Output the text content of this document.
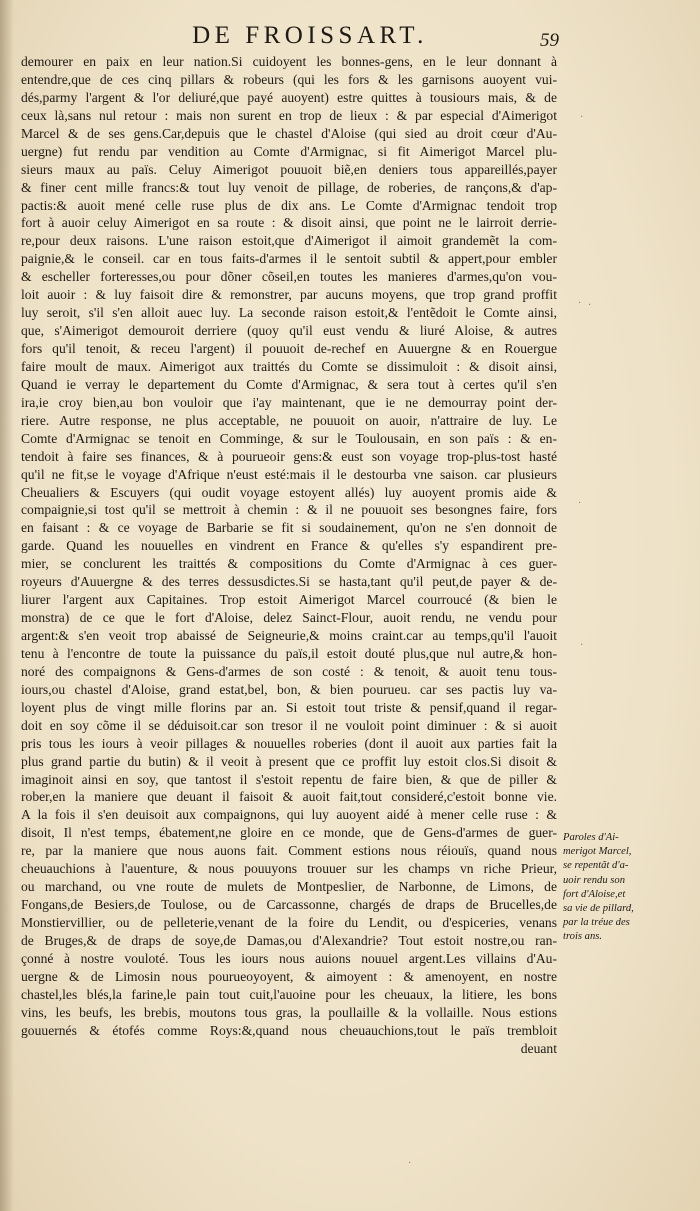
DE FROISSART.	59
demourer en paix en leur nation.Si cuidoyent les bonnes-gens, en le leur donnant à
entendre,que de ces cinq pillars & robeurs (qui les fors & les garnisons auoyent vui-
dés,parmy l'argent & l'or deliuré,que payé auoyent) estre quittes à tousiours mais, & de
ceux là,sans nul retour : mais non surent en trop de lieux : & par especial d'Aimerigot
Marcel & de ses gens.Car,depuis que le chastel d'Aloise (qui sied au droit cœur d'Au-
uergne) fut rendu par vendition au Comte d'Armignac, si fit Aimerigot Marcel plu-
sieurs maux au païs. Celuy Aimerigot pouuoit biẽ,en deniers tous appareillés,payer
& finer cent mille francs:& tout luy venoit de pillage, de roberies, de rançons,& d'ap-
pactis:& auoit mené celle ruse plus de dix ans. Le Comte d'Armignac tendoit trop
fort à auoir celuy Aimerigot en sa route : & disoit ainsi, que point ne le lairroit derrie-
re,pour deux raisons. L'une raison estoit,que d'Aimerigot il aimoit grandemẽt la com-
paignie,& le conseil. car en tous faits-d'armes il le sentoit subtil & appert,pour embler
& escheller forteresses,ou pour dõner cõseil,en toutes les manieres d'armes,qu'on vou-
loit auoir : & luy faisoit dire & remonstrer, par aucuns moyens, que trop grand proffit
luy seroit, s'il s'en alloit auec luy. La seconde raison estoit,& l'entẽdoit le Comte ainsi,
que, s'Aimerigot demouroit derriere (quoy qu'il eust vendu & liuré Aloise, & autres
fors qu'il tenoit, & receu l'argent) il pouuoit de-rechef en Auuergne & en Rouergue
faire moult de maux. Aimerigot aux traittés du Comte se dissimuloit : & disoit ainsi,
Quand ie verray le departement du Comte d'Armignac, & sera tout à certes qu'il s'en
ira,ie croy bien,au bon vouloir que i'ay maintenant, que ie ne demourray point der-
riere. Autre response, ne plus acceptable, ne pouuoit on auoir, n'attraire de luy. Le
Comte d'Armignac se tenoit en Comminge, & sur le Toulousain, en son païs : & en-
tendoit à faire ses finances, & à pourueoir gens:& eust son voyage trop-plus-tost hasté
qu'il ne fit,se le voyage d'Afrique n'eust esté:mais il le destourba vne saison. car plusieurs
Cheualiers & Escuyers (qui oudit voyage estoyent allés) luy auoyent promis aide &
compaignie,si tost qu'il se mettroit à chemin : & il ne pouuoit ses besongnes faire, fors
en faisant : & ce voyage de Barbarie se fit si soudainement, qu'on ne s'en donnoit de
garde. Quand les nouuelles en vindrent en France & qu'elles s'y espandirent pre-
mier, se conclurent les traittés & compositions du Comte d'Armignac à ces guer-
royeurs d'Auuergne & des terres dessusdictes.Si se hasta,tant qu'il peut,de payer & de-
liurer l'argent aux Capitaines. Trop estoit Aimerigot Marcel courroucé (& bien le
monstra) de ce que le fort d'Aloise, delez Sainct-Flour, auoit rendu, ne vendu pour
argent:& s'en veoit trop abaissé de Seigneurie,& moins craint.car au temps,qu'il l'auoit
tenu à l'encontre de toute la puissance du païs,il estoit douté plus,que nul autre,& hon-
noré des compaignons & Gens-d'armes de son costé : & tenoit, & auoit tenu tous-
iours,ou chastel d'Aloise, grand estat,bel, bon, & bien pourueu. car ses pactis luy va-
loyent plus de vingt mille florins par an. Si estoit tout triste & pensif,quand il regar-
doit en soy cõme il se déduisoit.car son tresor il ne vouloit point diminuer : & si auoit
pris tous les iours à veoir pillages & nouuelles roberies (dont il auoit aux parties fait la
plus grand partie du butin) & il veoit à present que ce proffit luy estoit clos.Si disoit &
imaginoit ainsi en soy, que tantost il s'estoit repentu de faire bien, & que de piller &
rober,en la maniere que deuant il faisoit & auoit fait,tout consideré,c'estoit bonne vie.
A la fois il s'en deuisoit aux compaignons, qui luy auoyent aidé à mener celle ruse : &
disoit, Il n'est temps, ébatement,ne gloire en ce monde, que de Gens-d'armes de guer-
re, par la maniere que nous auons fait. Comment estions nous réiouïs, quand nous
cheuauchions à l'auenture, & nous pouuyons trouuer sur les champs vn riche Prieur,
ou marchand, ou vne route de mulets de Montpeslier, de Narbonne, de Limons, de
Fongans,de Besiers,de Toulose, ou de Carcassonne, chargés de draps de Brucelles,de
Monstiervillier, ou de pelleterie,venant de la foire du Lendit, ou d'espiceries, venans
de Bruges,& de draps de soye,de Damas,ou d'Alexandrie? Tout estoit nostre,ou ran-
çonné à nostre vouloté. Tous les iours nous auions nouuel argent.Les villains d'Au-
uergne & de Limosin nous pourueoyoyent, & aimoyent : & amenoyent, en nostre
chastel,les blés,la farine,le pain tout cuit,l'auoine pour les cheuaux, la litiere, les bons
vins, les beufs, les brebis, moutons tous gras, la poullaille & la vollaille. Nous estions
gouuernés & étofés comme Roys:&,quand nous cheuauchions,tout le païs trembloit
deuant
Paroles d'Ai-
merigot Marcel,
se repentãt d'a-
uoir rendu son
fort d'Aloise,et
sa vie de pillard,
par la tréue des
trois ans.
·
· ·
·
·
·
